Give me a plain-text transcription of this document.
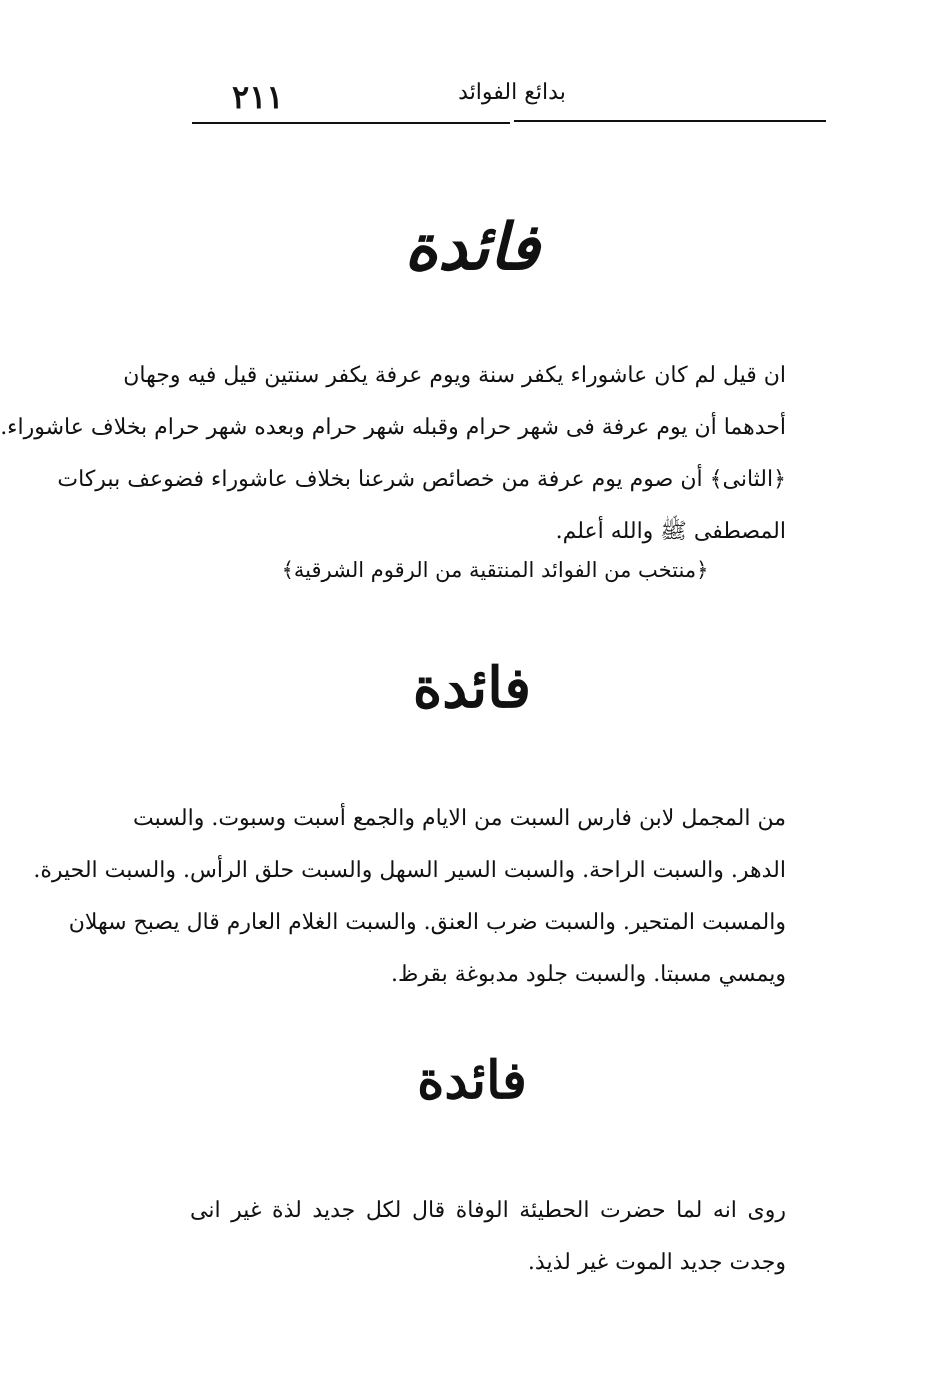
٢١١	بدائع الفوائد
فائدة
ان قيل لم كان عاشوراء يكفر سنة ويوم عرفة يكفر سنتين قيل فيه وجهان
أحدهما أن يوم عرفة فى شهر حرام وقبله شهر حرام وبعده شهر حرام بخلاف عاشوراء.
﴿الثانى﴾ أن صوم يوم عرفة من خصائص شرعنا بخلاف عاشوراء فضوعف ببركات
المصطفى ﷺ والله أعلم.
﴿منتخب من الفوائد المنتقية من الرقوم الشرقية﴾
فائدة
من المجمل لابن فارس السبت من الايام والجمع أسبت وسبوت. والسبت
الدهر. والسبت الراحة. والسبت السير السهل والسبت حلق الرأس. والسبت الحيرة.
والمسبت المتحير. والسبت ضرب العنق. والسبت الغلام العارم قال يصبح سهلان
ويمسي مسبتا. والسبت جلود مدبوغة بقرظ.
فائدة
روى انه لما حضرت الحطيئة الوفاة قال لكل جديد لذة غير انى
وجدت جديد الموت غير لذيذ.
